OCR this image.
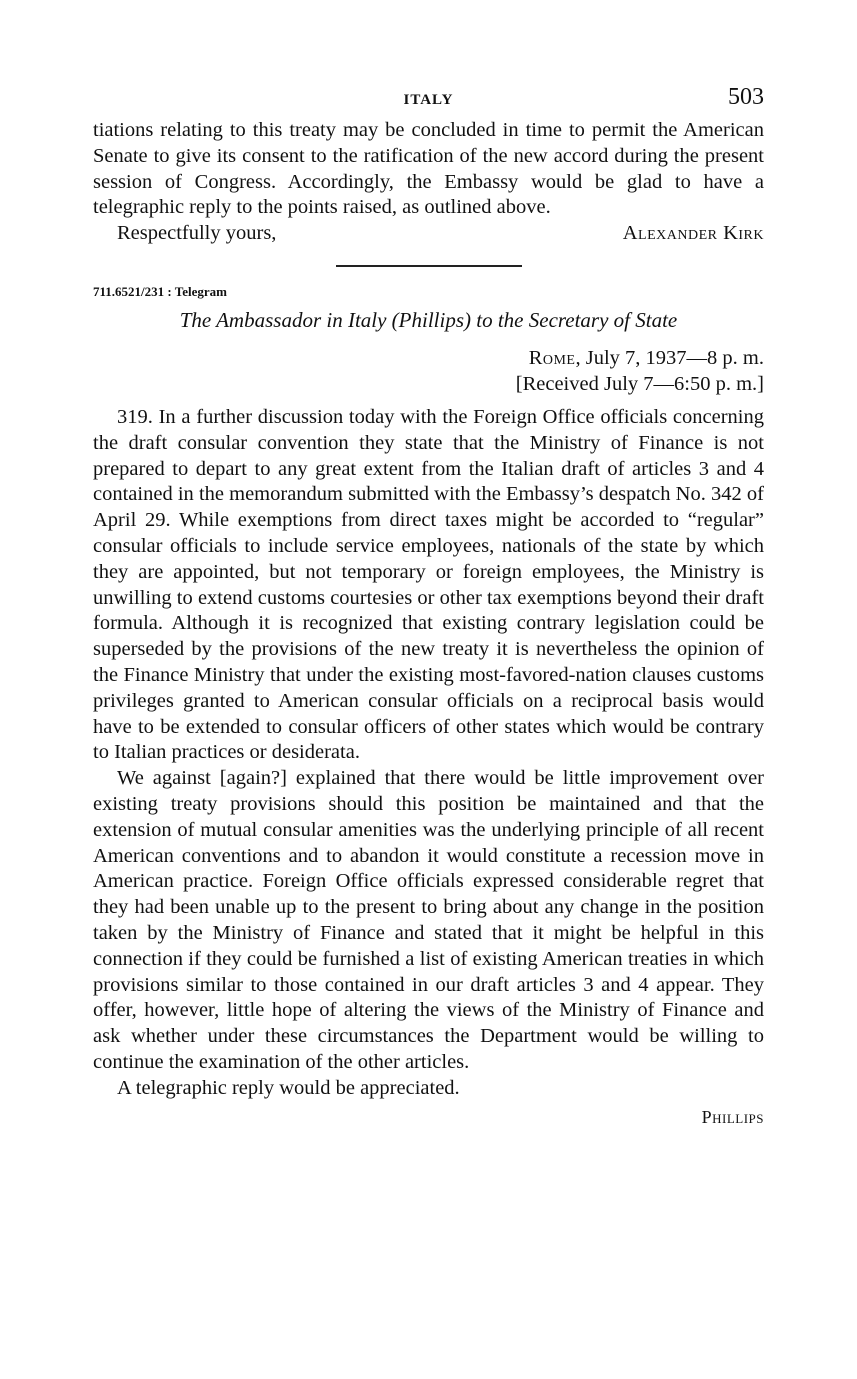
ITALY	503

tiations relating to this treaty may be concluded in time to permit the American Senate to give its consent to the ratification of the new accord during the present session of Congress. Accordingly, the Embassy would be glad to have a telegraphic reply to the points raised, as outlined above.

Respectfully yours,	Alexander Kirk
711.6521/231 : Telegram
The Ambassador in Italy (Phillips) to the Secretary of State
Rome, July 7, 1937—8 p. m.
[Received July 7—6:50 p. m.]

319. In a further discussion today with the Foreign Office officials concerning the draft consular convention they state that the Ministry of Finance is not prepared to depart to any great extent from the Italian draft of articles 3 and 4 contained in the memorandum submitted with the Embassy’s despatch No. 342 of April 29. While exemptions from direct taxes might be accorded to “regular” consular officials to include service employees, nationals of the state by which they are appointed, but not temporary or foreign employees, the Ministry is unwilling to extend customs courtesies or other tax exemptions beyond their draft formula. Although it is recognized that existing contrary legislation could be superseded by the provisions of the new treaty it is nevertheless the opinion of the Finance Ministry that under the existing most-favored-nation clauses customs privileges granted to American consular officials on a reciprocal basis would have to be extended to consular officers of other states which would be contrary to Italian practices or desiderata.

We against [again?] explained that there would be little improvement over existing treaty provisions should this position be maintained and that the extension of mutual consular amenities was the underlying principle of all recent American conventions and to abandon it would constitute a recession move in American practice. Foreign Office officials expressed considerable regret that they had been unable up to the present to bring about any change in the position taken by the Ministry of Finance and stated that it might be helpful in this connection if they could be furnished a list of existing American treaties in which provisions similar to those contained in our draft articles 3 and 4 appear. They offer, however, little hope of altering the views of the Ministry of Finance and ask whether under these circumstances the Department would be willing to continue the examination of the other articles.

A telegraphic reply would be appreciated.

Phillips
